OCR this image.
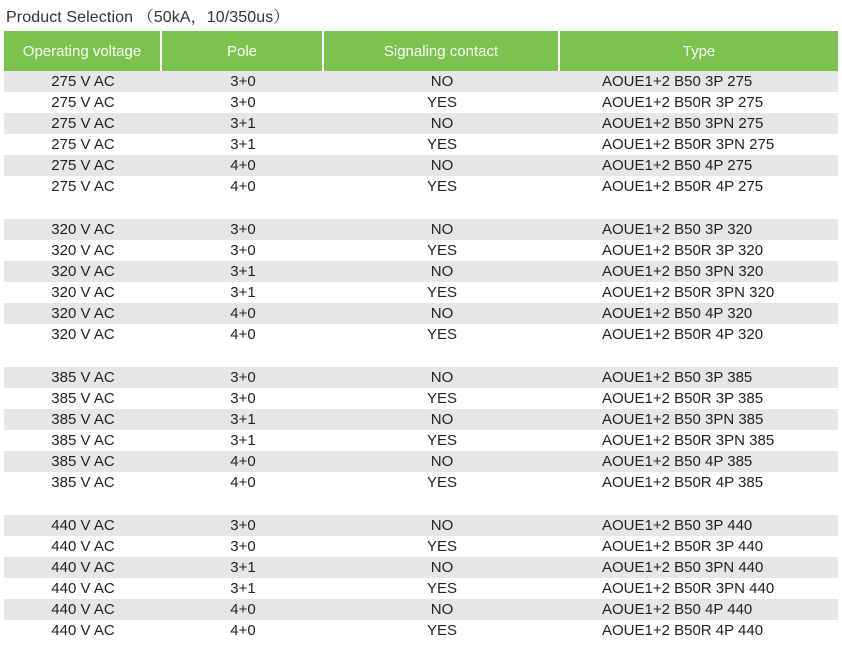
Product Selection （50kA，10/350us）
Operating voltage	Pole	Signaling contact	Type
275 V AC	3+0	NO	AOUE1+2 B50 3P 275
275 V AC	3+0	YES	AOUE1+2 B50R 3P 275
275 V AC	3+1	NO	AOUE1+2 B50 3PN 275
275 V AC	3+1	YES	AOUE1+2 B50R 3PN 275
275 V AC	4+0	NO	AOUE1+2 B50 4P 275
275 V AC	4+0	YES	AOUE1+2 B50R 4P 275
320 V AC	3+0	NO	AOUE1+2 B50 3P 320
320 V AC	3+0	YES	AOUE1+2 B50R 3P 320
320 V AC	3+1	NO	AOUE1+2 B50 3PN 320
320 V AC	3+1	YES	AOUE1+2 B50R 3PN 320
320 V AC	4+0	NO	AOUE1+2 B50 4P 320
320 V AC	4+0	YES	AOUE1+2 B50R 4P 320
385 V AC	3+0	NO	AOUE1+2 B50 3P 385
385 V AC	3+0	YES	AOUE1+2 B50R 3P 385
385 V AC	3+1	NO	AOUE1+2 B50 3PN 385
385 V AC	3+1	YES	AOUE1+2 B50R 3PN 385
385 V AC	4+0	NO	AOUE1+2 B50 4P 385
385 V AC	4+0	YES	AOUE1+2 B50R 4P 385
440 V AC	3+0	NO	AOUE1+2 B50 3P 440
440 V AC	3+0	YES	AOUE1+2 B50R 3P 440
440 V AC	3+1	NO	AOUE1+2 B50 3PN 440
440 V AC	3+1	YES	AOUE1+2 B50R 3PN 440
440 V AC	4+0	NO	AOUE1+2 B50 4P 440
440 V AC	4+0	YES	AOUE1+2 B50R 4P 440
